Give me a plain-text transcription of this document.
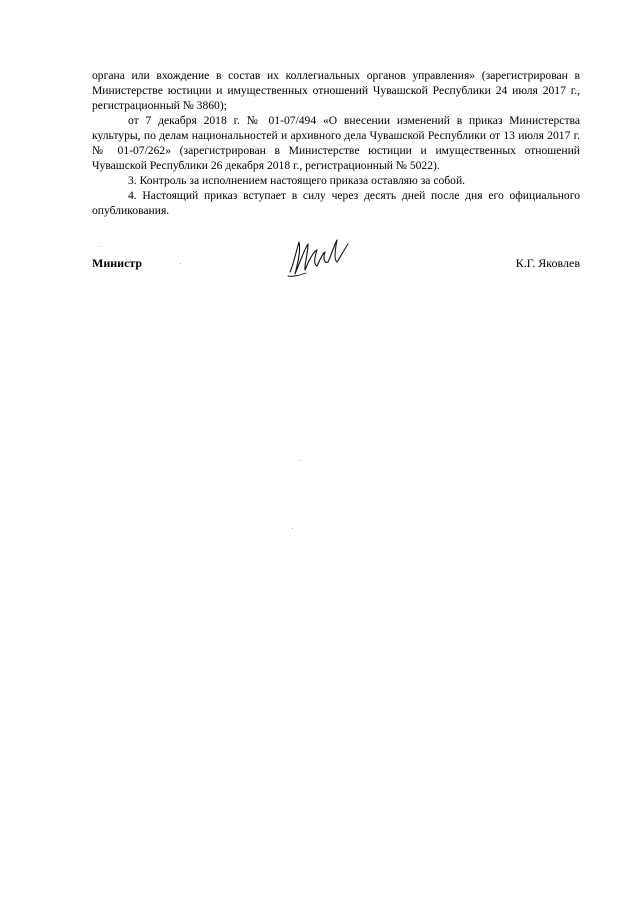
органа или вхождение в состав их коллегиальных органов управления» (зарегистрирован в Министерстве юстиции и имущественных отношений Чувашской Республики 24 июля 2017 г., регистрационный № 3860);

от 7 декабря 2018 г. № 01-07/494 «О внесении изменений в приказ Министерства культуры, по делам национальностей и архивного дела Чувашской Республики от 13 июля 2017 г. № 01-07/262» (зарегистрирован в Министерстве юстиции и имущественных отношений Чувашской Республики 26 декабря 2018 г., регистрационный № 5022).

3. Контроль за исполнением настоящего приказа оставляю за собой.

4. Настоящий приказ вступает в силу через десять дней после дня его официального опубликования.

Министр	К.Г. Яковлев
